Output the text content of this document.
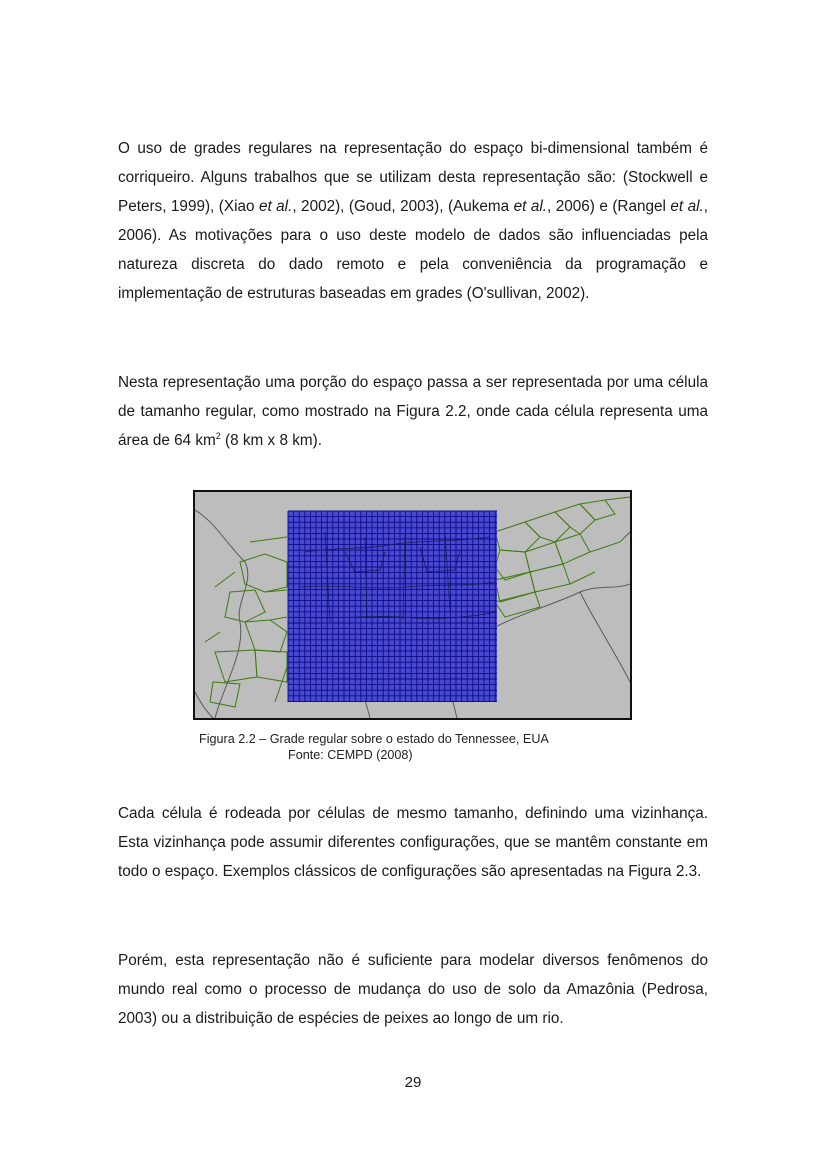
O uso de grades regulares na representação do espaço bi-dimensional também é corriqueiro. Alguns trabalhos que se utilizam desta representação são: (Stockwell e Peters, 1999), (Xiao et al., 2002), (Goud, 2003), (Aukema et al., 2006) e (Rangel et al., 2006). As motivações para o uso deste modelo de dados são influenciadas pela natureza discreta do dado remoto e pela conveniência da programação e implementação de estruturas baseadas em grades (O'sullivan, 2002).

Nesta representação uma porção do espaço passa a ser representada por uma célula de tamanho regular, como mostrado na Figura 2.2, onde cada célula representa uma área de 64 $km^2$ (8 km x 8 km).

Figura 2.2 – Grade regular sobre o estado do Tennessee, EUA
Fonte: CEMPD (2008)

Cada célula é rodeada por células de mesmo tamanho, definindo uma vizinhança. Esta vizinhança pode assumir diferentes configurações, que se mantêm constante em todo o espaço. Exemplos clássicos de configurações são apresentadas na Figura 2.3.

Porém, esta representação não é suficiente para modelar diversos fenômenos do mundo real como o processo de mudança do uso de solo da Amazônia (Pedrosa, 2003) ou a distribuição de espécies de peixes ao longo de um rio.

29
